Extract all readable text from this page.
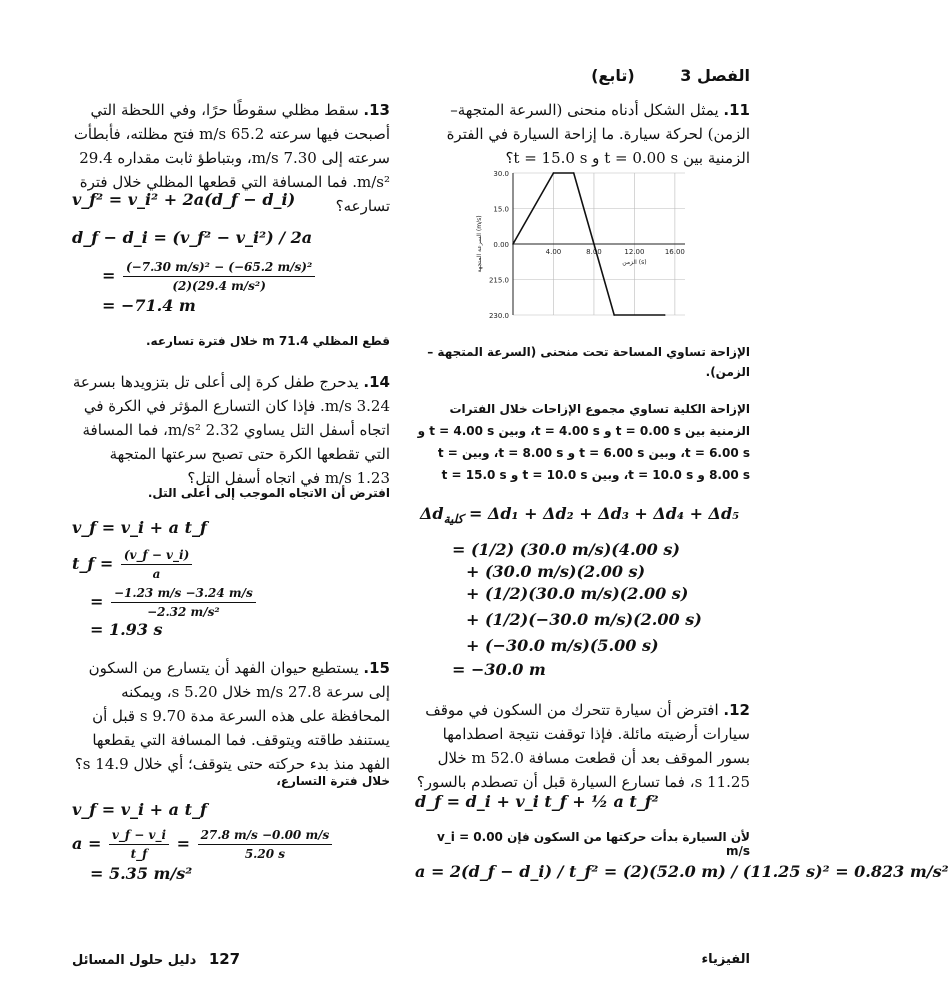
الفصل 3 (تابع)
11. يمثل الشكل أدناه منحنى (السرعة المتجهة– الزمن) لحركة سيارة. ما إزاحة السيارة في الفترة الزمنية بين t = 0.00 s و t = 15.0 s؟
30.0
15.0
0.00
215.0
230.0
4.00	8.00	12.00	16.00
الزمن (s)
السرعة المتجهة (m/s)
الإزاحة تساوي المساحة تحت منحنى (السرعة المتجهة – الزمن).
الإزاحة الكلية تساوي مجموع الإزاحات خلال الفترات الزمنية بين t = 0.00 s و t = 4.00 s، وبين t = 4.00 s و t = 6.00 s، وبين t = 6.00 s و t = 8.00 s، وبين t = 8.00 s و t = 10.0 s، وبين t = 10.0 s و t = 15.0 s
$\Delta d_{كلية} = \Delta d_1 + \Delta d_2 + \Delta d_3 + \Delta d_4 + \Delta d_5$
= (1/2) (30.0 m/s)(4.00 s)
+ (30.0 m/s)(2.00 s)
+ (1/2)(30.0 m/s)(2.00 s)
+ (1/2)(−30.0 m/s)(2.00 s)
+ (−30.0 m/s)(5.00 s)
= −30.0 m
12. افترض أن سيارة تتحرك من السكون في موقف سيارات أرضيته مائلة. فإذا توقفت نتيجة اصطدامها بسور الموقف بعد أن قطعت مسافة 52.0 m خلال 11.25 s، فما تسارع السيارة قبل أن تصطدم بالسور؟
d_f = d_i + v_i t_f + ½ a t_f²
لأن السيارة بدأت حركتها من السكون فإن v_i = 0.00 m/s
a = 2(d_f − d_i) / t_f² = (2)(52.0 m) / (11.25 s)² = 0.823 m/s²
13. سقط مظلي سقوطًا حرًا، وفي اللحظة التي أصبحت فيها سرعته 65.2 m/s فتح مظلته، فأبطأت سرعته إلى 7.30 m/s، وبتباطؤ ثابت مقداره 29.4 m/s². فما المسافة التي قطعها المظلي خلال فترة تسارعه؟
v_f² = v_i² + 2a(d_f − d_i)
d_f − d_i = (v_f² − v_i²) / 2a
= $\frac{\text{(−7.30 m/s)² − (−65.2 m/s)²}}{\text{(2)(29.4 m/s²)}}$
= −71.4 m
قطع المظلي 71.4 m خلال فترة تسارعه.
14. يدحرج طفل كرة إلى أعلى تل بتزويدها بسرعة 3.24 m/s. فإذا كان التسارع المؤثر في الكرة في اتجاه أسفل التل يساوي 2.32 m/s²، فما المسافة التي تقطعها الكرة حتى تصبح سرعتها المتجهة 1.23 m/s في اتجاه أسفل التل؟
افترض أن الاتجاه الموجب إلى أعلى التل.
v_f = v_i + a t_f
t_f = $\frac{(v\_f - v\_i)}{a}$
= $\frac{-1.23 m/s -3.24 m/s}{\text{−2.32 m/s²}}$
= 1.93 s
15. يستطيع حيوان الفهد أن يتسارع من السكون إلى سرعة 27.8 m/s خلال 5.20 s، ويمكنه المحافظة على هذه السرعة مدة 9.70 s قبل أن يستنفد طاقته ويتوقف. فما المسافة التي يقطعها الفهد منذ بدء حركته حتى يتوقف؛ أي خلال 14.9 s؟
خلال فترة التسارع،
v_f = v_i + a t_f
$a = \frac{v\_f - v\_i}{t\_f} = \frac{27.8 m/s -0.00 m/s}{5.20 s}$
= 5.35 m/s²
127 دليل حلول المسائل	الفيزياء
